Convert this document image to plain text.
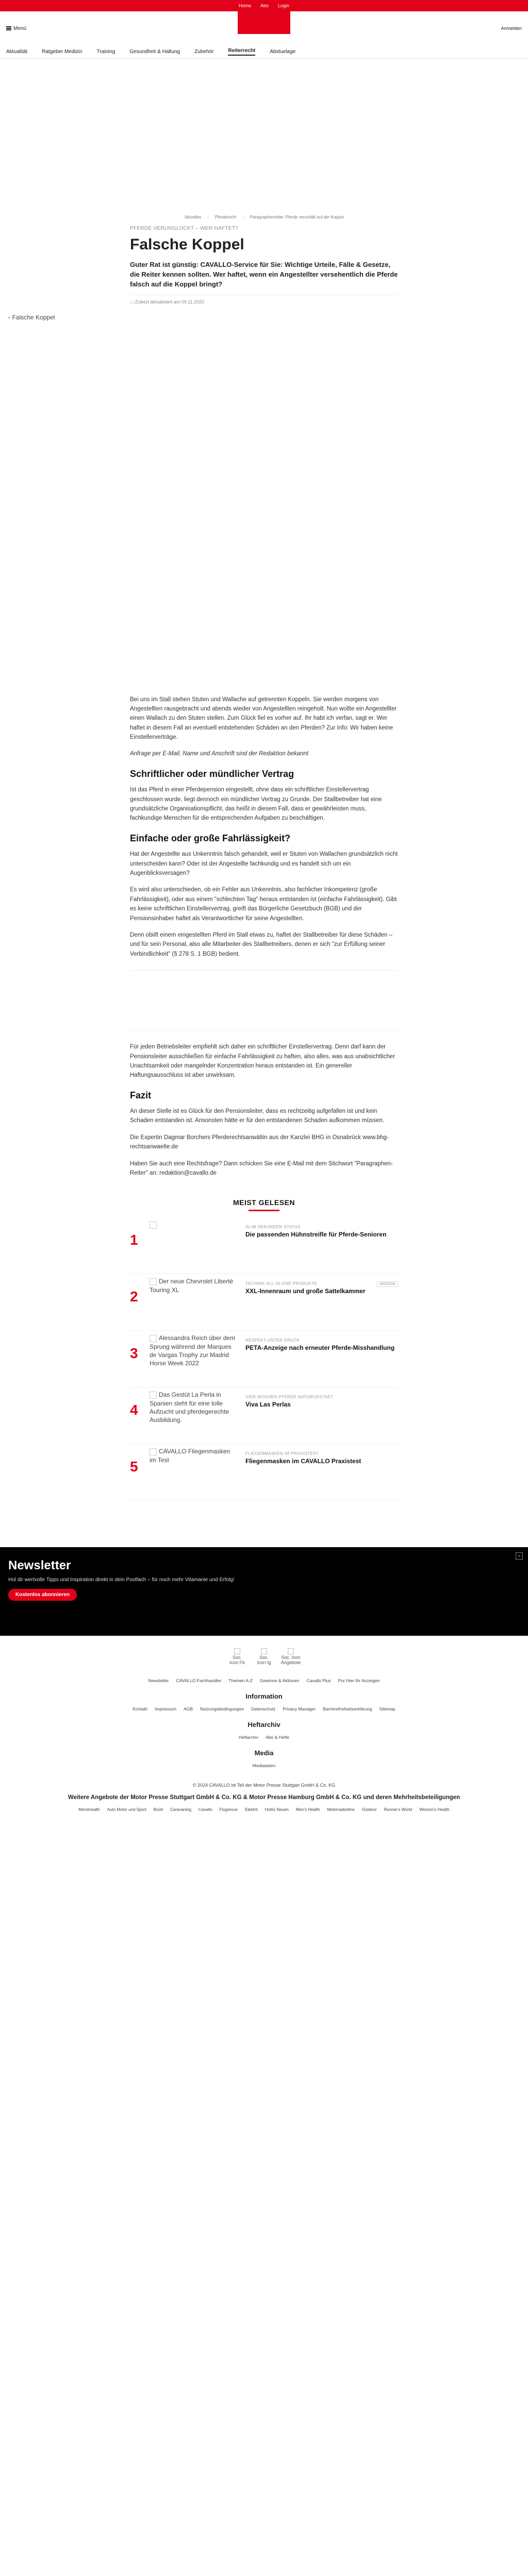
Home Abo Login
Menü	Anmelden
Aktualität	Ratgeber Medizin	Training	Gesundheit & Haltung	Zubehör	Reiterrecht	Abstuelage
Aktuelles › Pferderecht › Paragraphenreiter: Pferde verunfallt auf der Koppel
PFERDE VERUNGLÜCKT – WER HAFTET?
Falsche Koppel

Guter Rat ist günstig: CAVALLO-Service für Sie: Wichtige Urteile, Fälle & Gesetze, die Reiter kennen sollten. Wer haftet, wenn ein Angestellter versehentlich die Pferde falsch auf die Koppel bringt?

▢ Zuletzt aktualisiert am 09.11.2020
▫ Falsche Koppel

Bei uns im Stall stehen Stuten und Wallache auf getrennten Koppeln. Sie werden morgens von Angestellten rausgebracht und abends wieder von Angestellten reingeholt. Nun wollte ein Angestellter einen Wallach zu den Stuten stellen. Zum Glück fiel es vorher auf. Ihr habt ich verfan, sagt er. Wer haftet in diesem Fall an eventuell entstehenden Schäden an den Pferden? Zur Info: Wir haben keine Einstellerverträge.

Anfrage per E-Mail, Name und Anschrift sind der Redaktion bekannt

Schriftlicher oder mündlicher Vertrag

Ist das Pferd in einer Pferdepension eingestellt, ohne dass ein schriftlicher Einstellervertrag geschlossen wurde, liegt dennoch ein mündlicher Vertrag zu Grunde. Der Stallbetreiber hat eine grundsätzliche Organisationspflicht, das heißt in diesem Fall, dass er gewährleisten muss, fachkundige Menschen für die entsprechenden Aufgaben zu beschäftigen.

Einfache oder große Fahrlässigkeit?

Hat der Angestellte aus Unkenntnis falsch gehandelt, weil er Stuten von Wallachen grundsätzlich nicht unterscheiden kann? Oder ist der Angestellte fachkundig und es handelt sich um ein Augenblicksversagen?

Es wird also unterschieden, ob ein Fehler aus Unkenntnis, also fachlicher Inkompetenz (große Fahrlässigkeit), oder aus einem "schlechten Tag" heraus entstanden ist (einfache Fahrlässigkeit). Gibt es keine schriftlichen Einstellervertrag, greift das Bürgerliche Gesetzbuch (BGB) und der Pensionsinhaber haftet als Verantwortlicher für seine Angestellten.

Denn obiift einem eingestellten Pferd im Stall etwas zu, haftet der Stallbetreiber für diese Schäden – und für sein Personal, also alle Mitarbeiter des Stallbetreibers, denen er sich "zur Erfüllung seiner Verbindlichkeit" (§ 278 S. 1 BGB) bedient.

Für jeden Betriebsleiter empfiehlt sich daher ein schriftlicher Einstellervertrag. Denn darf kann der Pensionsleiter ausschließen für einfache Fahrlässigkeit zu haften, also alles, was aus unabsichtlicher Unachtsamkeit oder mangelnder Konzentration heraus entstanden ist. Ein genereller Haftungsausschluss ist aber unwirksam.

Fazit

An dieser Stelle ist es Glück für den Pensionsleiter, dass es rechtzeitig aufgefallen ist und kein Schaden entstanden ist. Ansonsten hätte er für den entstandenen Schaden aufkommen müssen.

Die Expertin Dagmar Borchers Pferderechtsanwältin aus der Kanzlei BHG in Osnabrück www.bhg-rechtsanwaelte.de

Haben Sie auch eine Rechtsfrage? Dann schicken Sie eine E-Mail mit dem Stichwort "Paragraphen-Reiter" an: redaktion@cavallo.de

MEIST GELESEN
1
IN 48 SEKUNDEN STATUS
Die passenden Hühnstreifle für Pferde-Senioren
2
Der neue Chevrolet Liberté Touring XL
TECHNIK ALL-IN-ONE PRODUKTE
XXL-Innenraum und große Sattelkammer
ANZEIGE
3
Alessandra Reich über dem Sprung während der Marques de Vargas Trophy zur Madrid Horse Week 2022
RESPEKT UNTER DRUCK
PETA-Anzeige nach erneuter Pferde-Misshandlung
4
Das Gestüt La Perla in Spanien steht für eine tolle Aufzucht und pferdegerechte Ausbildung.
VIER WOCHEN PFERDE NATURGESTAET
Viva Las Perlas
5
CAVALLO Fliegenmasken im Test
FLIEGENMASKEN IM PRAXISTEST
Fliegenmasken im CAVALLO Praxistest
Newsletter
Hol dir wertvolle Tipps und Inspiration direkt in dein Postfach – für noch mehr Vitamanie und Erfolg!
Kostenlos abonnieren
✕
Soc. Icon Fb
Soc. Icon Ig
Soc. Icon Angebote
Newsletter CAVALLO Fachhandler Themen A-Z Gewinne & Aktionen Cavallo Plus Pur Hier Ihr Anzeigen
Information
Kontakt Impressum AGB Nutzungsbedingungen Datenschutz Privacy Manager Barrierefreiheitserklärung Sitemap
Heftarchiv
Heftarchiv Abo & Hefte
Media
Mediadaten
© 2024 CAVALLO ist Teil der Motor Presse Stuttgart GmbH & Co. KG
Weitere Angebote der Motor Presse Stuttgart GmbH & Co. KG & Motor Presse Hamburg GmbH & Co. KG und deren Mehrheitsbeteiligungen
Menshealth Auto Motor und Sport Bootl Caravaning Cavallo Flugrevue Elektrit Hottix Neuen Men's Health Motorradonline Outdoor Runner's World Women's Health
